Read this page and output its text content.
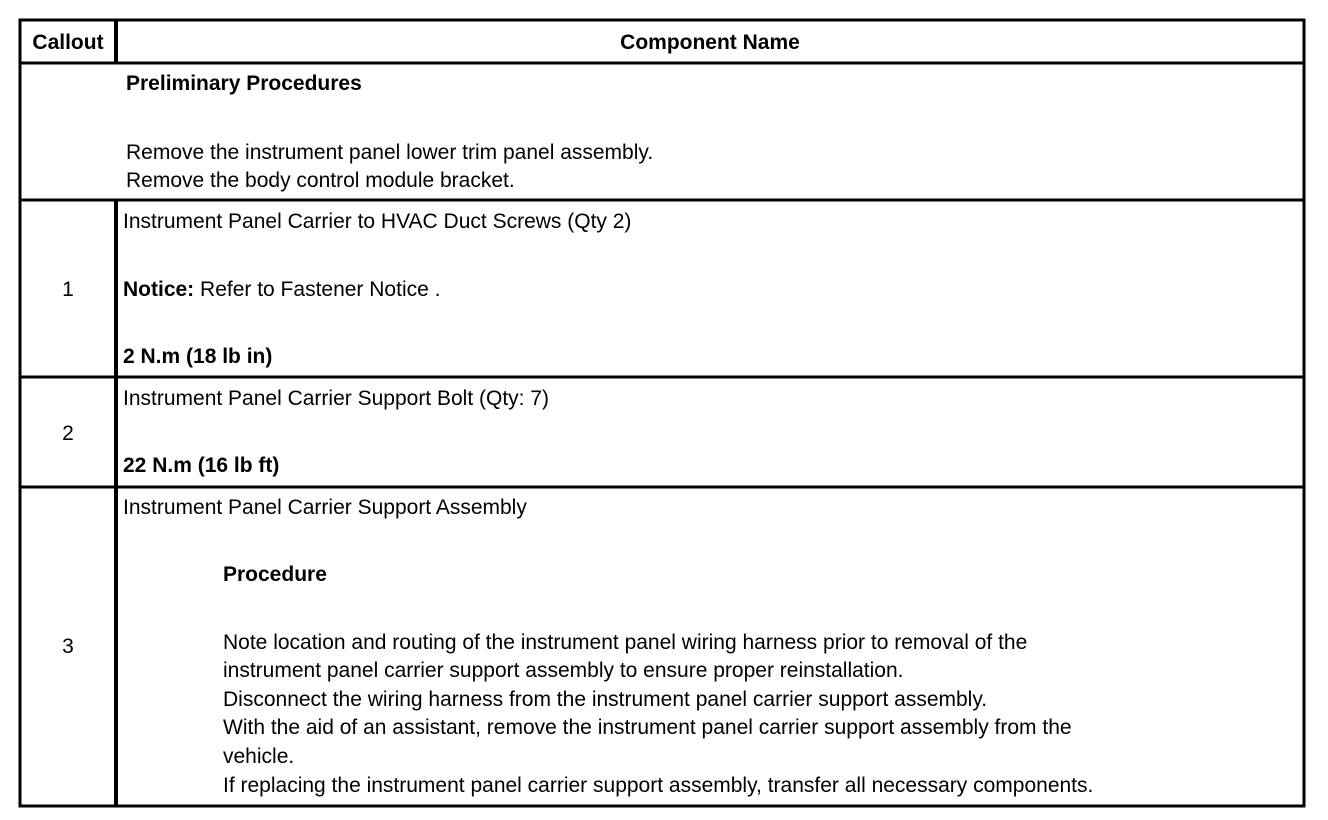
Callout	Component Name
Preliminary Procedures
Remove the instrument panel lower trim panel assembly.
Remove the body control module bracket.
1
Instrument Panel Carrier to HVAC Duct Screws (Qty 2)
Notice: Refer to Fastener Notice .
2 N.m (18 lb in)
2
Instrument Panel Carrier Support Bolt (Qty: 7)
22 N.m (16 lb ft)
3
Instrument Panel Carrier Support Assembly
Procedure
Note location and routing of the instrument panel wiring harness prior to removal of the
instrument panel carrier support assembly to ensure proper reinstallation.
Disconnect the wiring harness from the instrument panel carrier support assembly.
With the aid of an assistant, remove the instrument panel carrier support assembly from the
vehicle.
If replacing the instrument panel carrier support assembly, transfer all necessary components.
